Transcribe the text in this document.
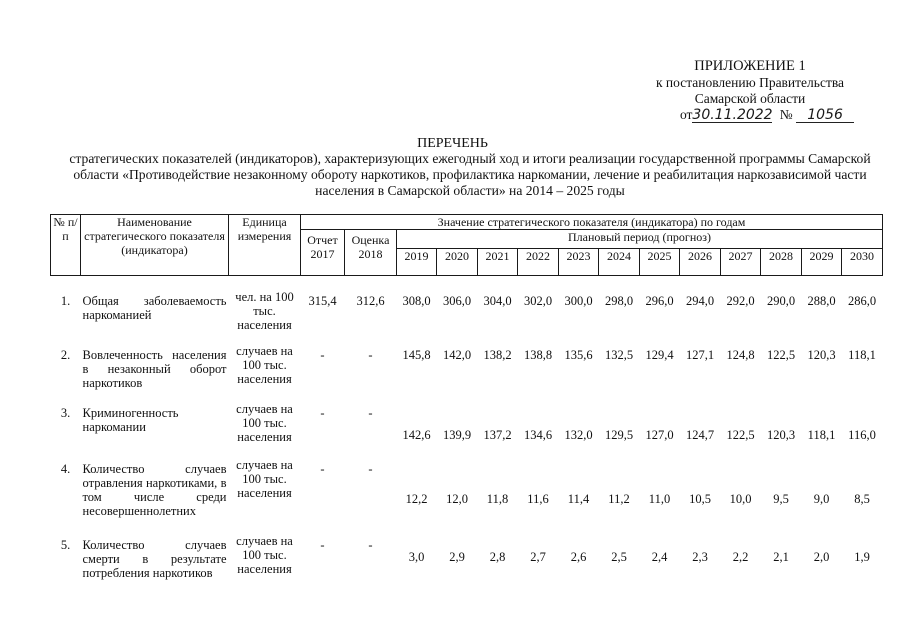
ПРИЛОЖЕНИЕ 1
к постановлению Правительства
Самарской области
от30.11.2022 № 1056
ПЕРЕЧЕНЬ
стратегических показателей (индикаторов), характеризующих ежегодный ход и итоги реализации государственной программы Самарской области «Противодействие незаконному обороту наркотиков, профилактика наркомании, лечение и реабилитация наркозависимой части населения в Самарской области» на 2014 – 2025 годы
№ п/п	Наименование стратегического показателя (индикатора)	Единица измерения	Значение стратегического показателя (индикатора) по годам													
			Отчет 2017	Оценка 2018	Плановый период (прогноз)											
					2019	2020	2021	2022	2023	2024	2025	2026	2027	2028	2029	2030
1.	Общая заболеваемость наркоманией	чел. на 100 тыс. населения	315,4	312,6	308,0	306,0	304,0	302,0	300,0	298,0	296,0	294,0	292,0	290,0	288,0	286,0
2.	Вовлеченность населения в незаконный оборот наркотиков	случаев на 100 тыс. населения	-	-	145,8	142,0	138,2	138,8	135,6	132,5	129,4	127,1	124,8	122,5	120,3	118,1
3.	Криминогенность наркомании	случаев на 100 тыс. населения	-	-	142,6	139,9	137,2	134,6	132,0	129,5	127,0	124,7	122,5	120,3	118,1	116,0
4.	Количество случаев отравления наркотиками, в том числе среди несовершеннолетних	случаев на 100 тыс. населения	-	-	12,2	12,0	11,8	11,6	11,4	11,2	11,0	10,5	10,0	9,5	9,0	8,5
5.	Количество случаев смерти в результате потребления наркотиков	случаев на 100 тыс. населения	-	-	3,0	2,9	2,8	2,7	2,6	2,5	2,4	2,3	2,2	2,1	2,0	1,9
